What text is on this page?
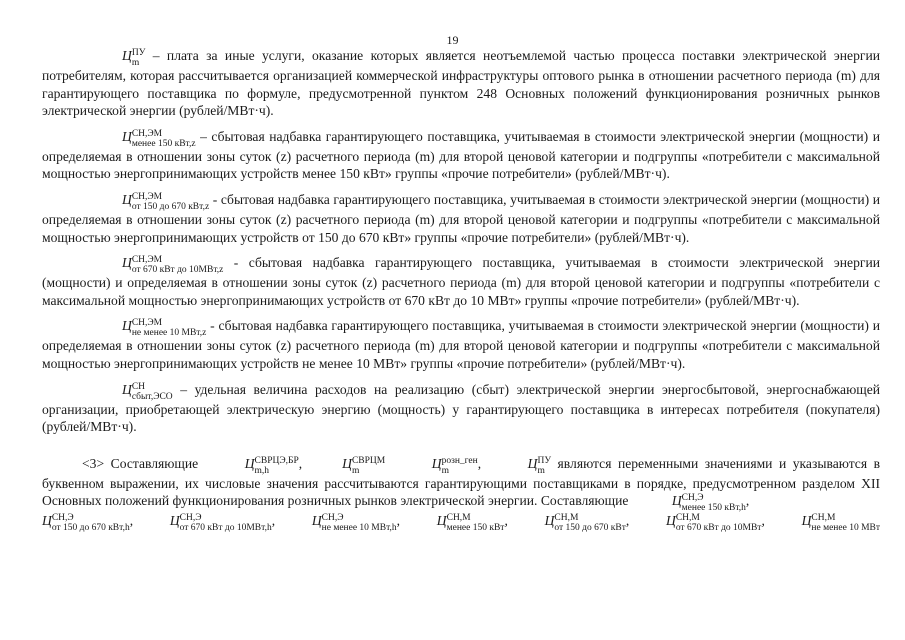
19

Ц ПУ
m – плата за иные услуги, оказание которых является неотъемлемой частью процесса поставки электрической энергии потребителям, которая рассчитывается организацией коммерческой инфраструктуры оптового рынка в отношении расчетного периода (m) для гарантирующего поставщика по формуле, предусмотренной пунктом 248 Основных положений функционирования розничных рынков электрической энергии (рублей/МВт·ч).

Ц СН,ЭМ
менее 150 кВт,z – сбытовая надбавка гарантирующего поставщика, учитываемая в стоимости электрической энергии (мощности) и определяемая в отношении зоны суток (z) расчетного периода (m) для второй ценовой категории и подгруппы «потребители с максимальной мощностью энергопринимающих устройств менее 150 кВт» группы «прочие потребители» (рублей/МВт·ч).

Ц СН,ЭМ
от 150 до 670 кВт,z - сбытовая надбавка гарантирующего поставщика, учитываемая в стоимости электрической энергии (мощности) и определяемая в отношении зоны суток (z) расчетного периода (m) для второй ценовой категории и подгруппы «потребители с максимальной мощностью энергопринимающих устройств от 150 до 670 кВт» группы «прочие потребители» (рублей/МВт·ч).

Ц СН,ЭМ
от 670 кВт до 10МВт,z - сбытовая надбавка гарантирующего поставщика, учитываемая в стоимости электрической энергии (мощности) и определяемая в отношении зоны суток (z) расчетного периода (m) для второй ценовой категории и подгруппы «потребители с максимальной мощностью энергопринимающих устройств от 670 кВт до 10 МВт» группы «прочие потребители» (рублей/МВт·ч).

Ц СН,ЭМ
не менее 10 МВт,z - сбытовая надбавка гарантирующего поставщика, учитываемая в стоимости электрической энергии (мощности) и определяемая в отношении зоны суток (z) расчетного периода (m) для второй ценовой категории и подгруппы «потребители с максимальной мощностью энергопринимающих устройств не менее 10 МВт» группы «прочие потребители» (рублей/МВт·ч).

Ц СН
сбыт,ЭСО – удельная величина расходов на реализацию (сбыт) электрической энергии энергосбытовой, энергоснабжающей организации, приобретающей электрическую энергию (мощность) у гарантирующего поставщика в интересах потребителя (покупателя) (рублей/МВт·ч).

<3> Составляющие	Ц СВРЦЭ,БР
m,h	,	Ц СВРЦМ
m	Ц розн_ген
m	,	Ц ПУ
m являются переменными значениями и указываются в буквенном выражении, их числовые значения рассчитываются гарантирующими поставщиками в порядке, предусмотренном разделом XII Основных положений функционирования розничных рынков электрической энергии. Составляющие	Ц СН,Э
менее 150 кВт,h ,

Ц СН,Э
от 150 до 670 кВт,h ,	Ц СН,Э
от 670 кВт до 10МВт,h ,	Ц СН,Э
не менее 10 МВт,h ,	Ц СН,М
менее 150 кВт ,	Ц СН,М
от 150 до 670 кВт ,	Ц СН,М
от 670 кВт до 10МВт ,	Ц СН,М
не менее 10 МВт
